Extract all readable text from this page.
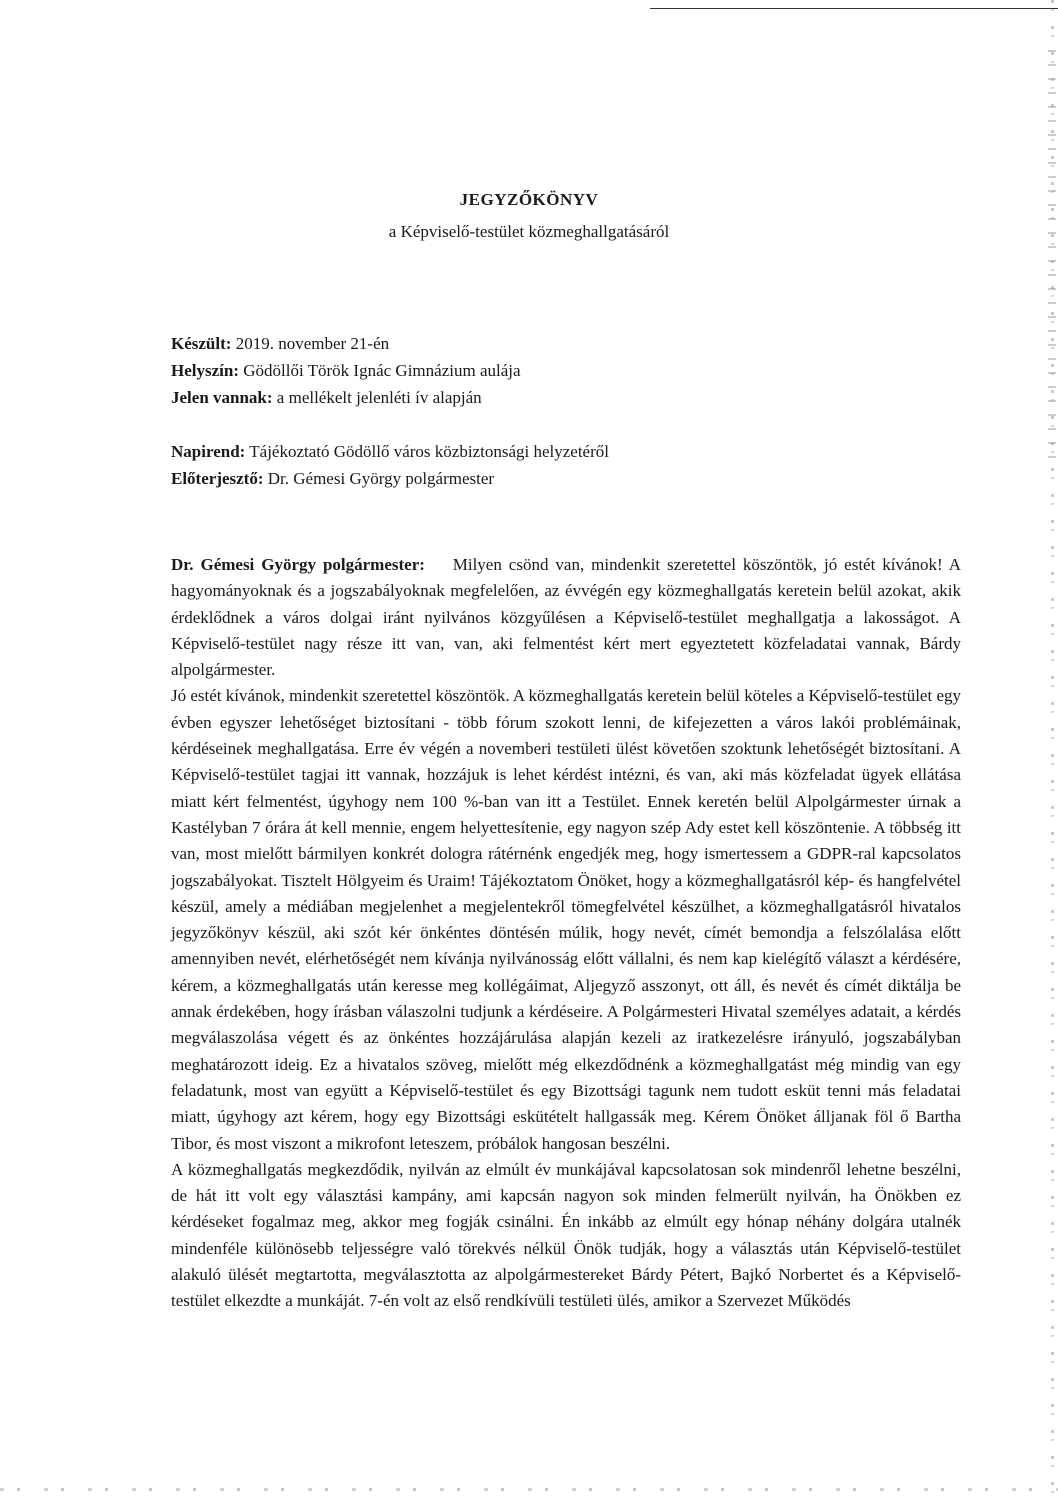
JEGYZŐKÖNYV
a Képviselő-testület közmeghallgatásáról
Készült: 2019. november 21-én
Helyszín: Gödöllői Török Ignác Gimnázium aulája
Jelen vannak: a mellékelt jelenléti ív alapján
Napirend: Tájékoztató Gödöllő város közbiztonsági helyzetéről
Előterjesztő: Dr. Gémesi György polgármester

Dr. Gémesi György polgármester: Milyen csönd van, mindenkit szeretettel köszöntök, jó estét kívánok! A hagyományoknak és a jogszabályoknak megfelelően, az évvégén egy közmeghallgatás keretein belül azokat, akik érdeklődnek a város dolgai iránt nyilvános közgyűlésen a Képviselő-testület meghallgatja a lakosságot. A Képviselő-testület nagy része itt van, van, aki felmentést kért mert egyeztetett közfeladatai vannak, Bárdy alpolgármester.

Jó estét kívánok, mindenkit szeretettel köszöntök. A közmeghallgatás keretein belül köteles a Képviselő-testület egy évben egyszer lehetőséget biztosítani - több fórum szokott lenni, de kifejezetten a város lakói problémáinak, kérdéseinek meghallgatása. Erre év végén a novemberi testületi ülést követően szoktunk lehetőségét biztosítani. A Képviselő-testület tagjai itt vannak, hozzájuk is lehet kérdést intézni, és van, aki más közfeladat ügyek ellátása miatt kért felmentést, úgyhogy nem 100 %-ban van itt a Testület. Ennek keretén belül Alpolgármester úrnak a Kastélyban 7 órára át kell mennie, engem helyettesítenie, egy nagyon szép Ady estet kell köszöntenie. A többség itt van, most mielőtt bármilyen konkrét dologra rátérnénk engedjék meg, hogy ismertessem a GDPR-ral kapcsolatos jogszabályokat. Tisztelt Hölgyeim és Uraim! Tájékoztatom Önöket, hogy a közmeghallgatásról kép- és hangfelvétel készül, amely a médiában megjelenhet a megjelentekről tömegfelvétel készülhet, a közmeghallgatásról hivatalos jegyzőkönyv készül, aki szót kér önkéntes döntésén múlik, hogy nevét, címét bemondja a felszólalása előtt amennyiben nevét, elérhetőségét nem kívánja nyilvánosság előtt vállalni, és nem kap kielégítő választ a kérdésére, kérem, a közmeghallgatás után keresse meg kollégáimat, Aljegyző asszonyt, ott áll, és nevét és címét diktálja be annak érdekében, hogy írásban válaszolni tudjunk a kérdéseire. A Polgármesteri Hivatal személyes adatait, a kérdés megválaszolása végett és az önkéntes hozzájárulása alapján kezeli az iratkezelésre irányuló, jogszabályban meghatározott ideig. Ez a hivatalos szöveg, mielőtt még elkezdődnénk a közmeghallgatást még mindig van egy feladatunk, most van együtt a Képviselő-testület és egy Bizottsági tagunk nem tudott esküt tenni más feladatai miatt, úgyhogy azt kérem, hogy egy Bizottsági eskütételt hallgassák meg. Kérem Önöket álljanak föl ő Bartha Tibor, és most viszont a mikrofont leteszem, próbálok hangosan beszélni.

A közmeghallgatás megkezdődik, nyilván az elmúlt év munkájával kapcsolatosan sok mindenről lehetne beszélni, de hát itt volt egy választási kampány, ami kapcsán nagyon sok minden felmerült nyilván, ha Önökben ez kérdéseket fogalmaz meg, akkor meg fogják csinálni. Én inkább az elmúlt egy hónap néhány dolgára utalnék mindenféle különösebb teljességre való törekvés nélkül Önök tudják, hogy a választás után Képviselő-testület alakuló ülését megtartotta, megválasztotta az alpolgármestereket Bárdy Pétert, Bajkó Norbertet és a Képviselő-testület elkezdte a munkáját. 7-én volt az első rendkívüli testületi ülés, amikor a Szervezet Működés
